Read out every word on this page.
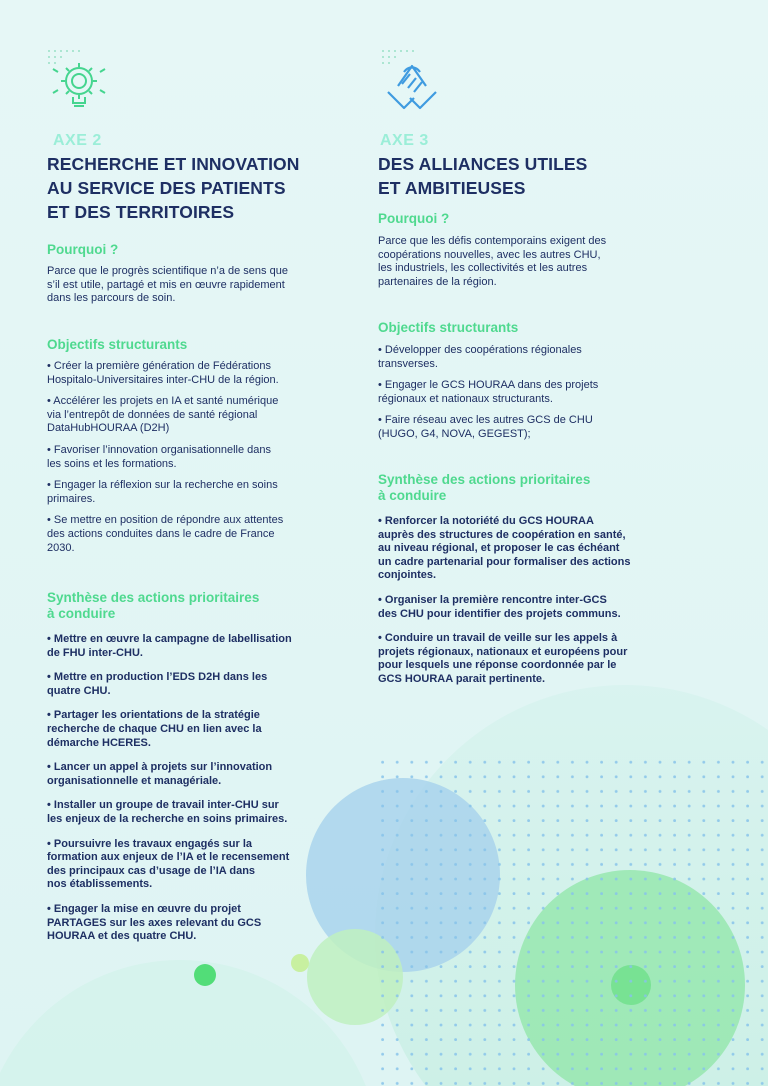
AXE 2
RECHERCHE ET INNOVATION
AU SERVICE DES PATIENTS
ET DES TERRITOIRES
Pourquoi ?
Parce que le progrès scientifique n’a de sens que
s’il est utile, partagé et mis en œuvre rapidement
dans les parcours de soin.
Objectifs structurants
• Créer la première génération de Fédérations
Hospitalo-Universitaires inter-CHU de la région.
• Accélérer les projets en IA et santé numérique
via l’entrepôt de données de santé régional
DataHubHOURAA (D2H)
• Favoriser l’innovation organisationnelle dans
les soins et les formations.
• Engager la réflexion sur la recherche en soins
primaires.
• Se mettre en position de répondre aux attentes
des actions conduites dans le cadre de France
2030.
Synthèse des actions prioritaires
à conduire
• Mettre en œuvre la campagne de labellisation
de FHU inter-CHU.
• Mettre en production l’EDS D2H dans les
quatre CHU.
• Partager les orientations de la stratégie
recherche de chaque CHU en lien avec la
démarche HCERES.
• Lancer un appel à projets sur l’innovation
organisationnelle et managériale.
• Installer un groupe de travail inter-CHU sur
les enjeux de la recherche en soins primaires.
• Poursuivre les travaux engagés sur la
formation aux enjeux de l’IA et le recensement
des principaux cas d’usage de l’IA dans
nos établissements.
• Engager la mise en œuvre du projet
PARTAGES sur les axes relevant du GCS
HOURAA et des quatre CHU.
AXE 3
DES ALLIANCES UTILES
ET AMBITIEUSES
Pourquoi ?
Parce que les défis contemporains exigent des
coopérations nouvelles, avec les autres CHU,
les industriels, les collectivités et les autres
partenaires de la région.
Objectifs structurants
• Développer des coopérations régionales
transverses.
• Engager le GCS HOURAA dans des projets
régionaux et nationaux structurants.
• Faire réseau avec les autres GCS de CHU
(HUGO, G4, NOVA, GEGEST);
Synthèse des actions prioritaires
à conduire
• Renforcer la notoriété du GCS HOURAA
auprès des structures de coopération en santé,
au niveau régional, et proposer le cas échéant
un cadre partenarial pour formaliser des actions
conjointes.
• Organiser la première rencontre inter-GCS
des CHU pour identifier des projets communs.
• Conduire un travail de veille sur les appels à
projets régionaux, nationaux et européens pour
pour lesquels une réponse coordonnée par le
GCS HOURAA parait pertinente.
